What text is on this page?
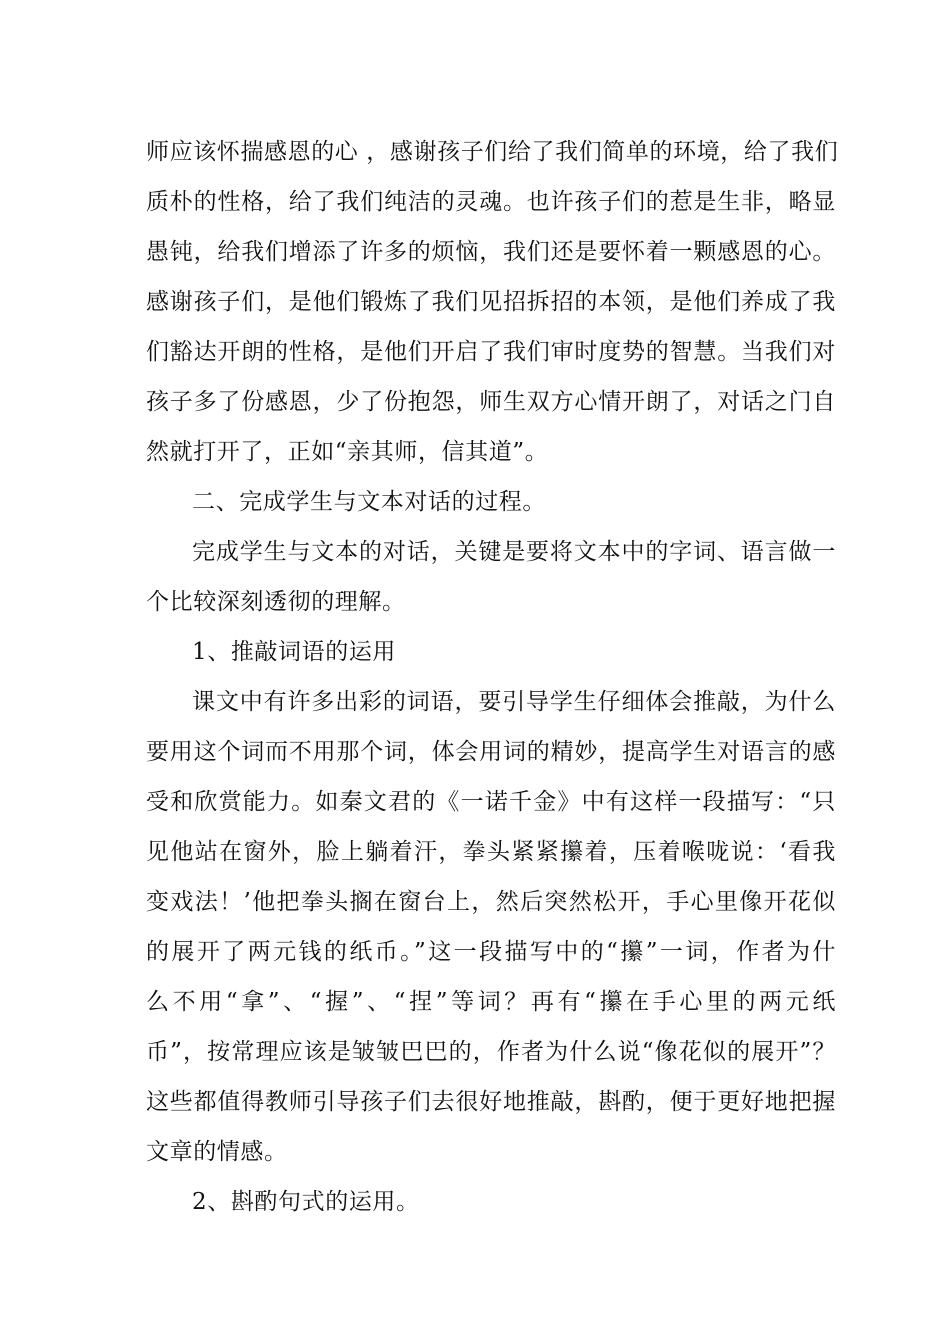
师应该怀揣感恩的心 ，感谢孩子们给了我们简单的环境，给了我们
质朴的性格，给了我们纯洁的灵魂。也许孩子们的惹是生非，略显
愚钝，给我们增添了许多的烦恼，我们还是要怀着一颗感恩的心。
感谢孩子们，是他们锻炼了我们见招拆招的本领，是他们养成了我
们豁达开朗的性格，是他们开启了我们审时度势的智慧。当我们对
孩子多了份感恩，少了份抱怨，师生双方心情开朗了，对话之门自
然就打开了，正如“亲其师，信其道”。
二、完成学生与文本对话的过程。
完成学生与文本的对话，关键是要将文本中的字词、语言做一
个比较深刻透彻的理解。
1、推敲词语的运用
课文中有许多出彩的词语，要引导学生仔细体会推敲，为什么
要用这个词而不用那个词，体会用词的精妙，提高学生对语言的感
受和欣赏能力。如秦文君的《一诺千金》中有这样一段描写：“只
见他站在窗外，脸上躺着汗，拳头紧紧攥着，压着喉咙说：‘看我
变戏法！’他把拳头搁在窗台上，然后突然松开，手心里像开花似
的展开了两元钱的纸币。”这一段描写中的“攥”一词，作者为什
么不用“拿”、“握”、“捏”等词？再有“攥在手心里的两元纸
币”，按常理应该是皱皱巴巴的，作者为什么说“像花似的展开”？
这些都值得教师引导孩子们去很好地推敲，斟酌，便于更好地把握
文章的情感。
2、斟酌句式的运用。
